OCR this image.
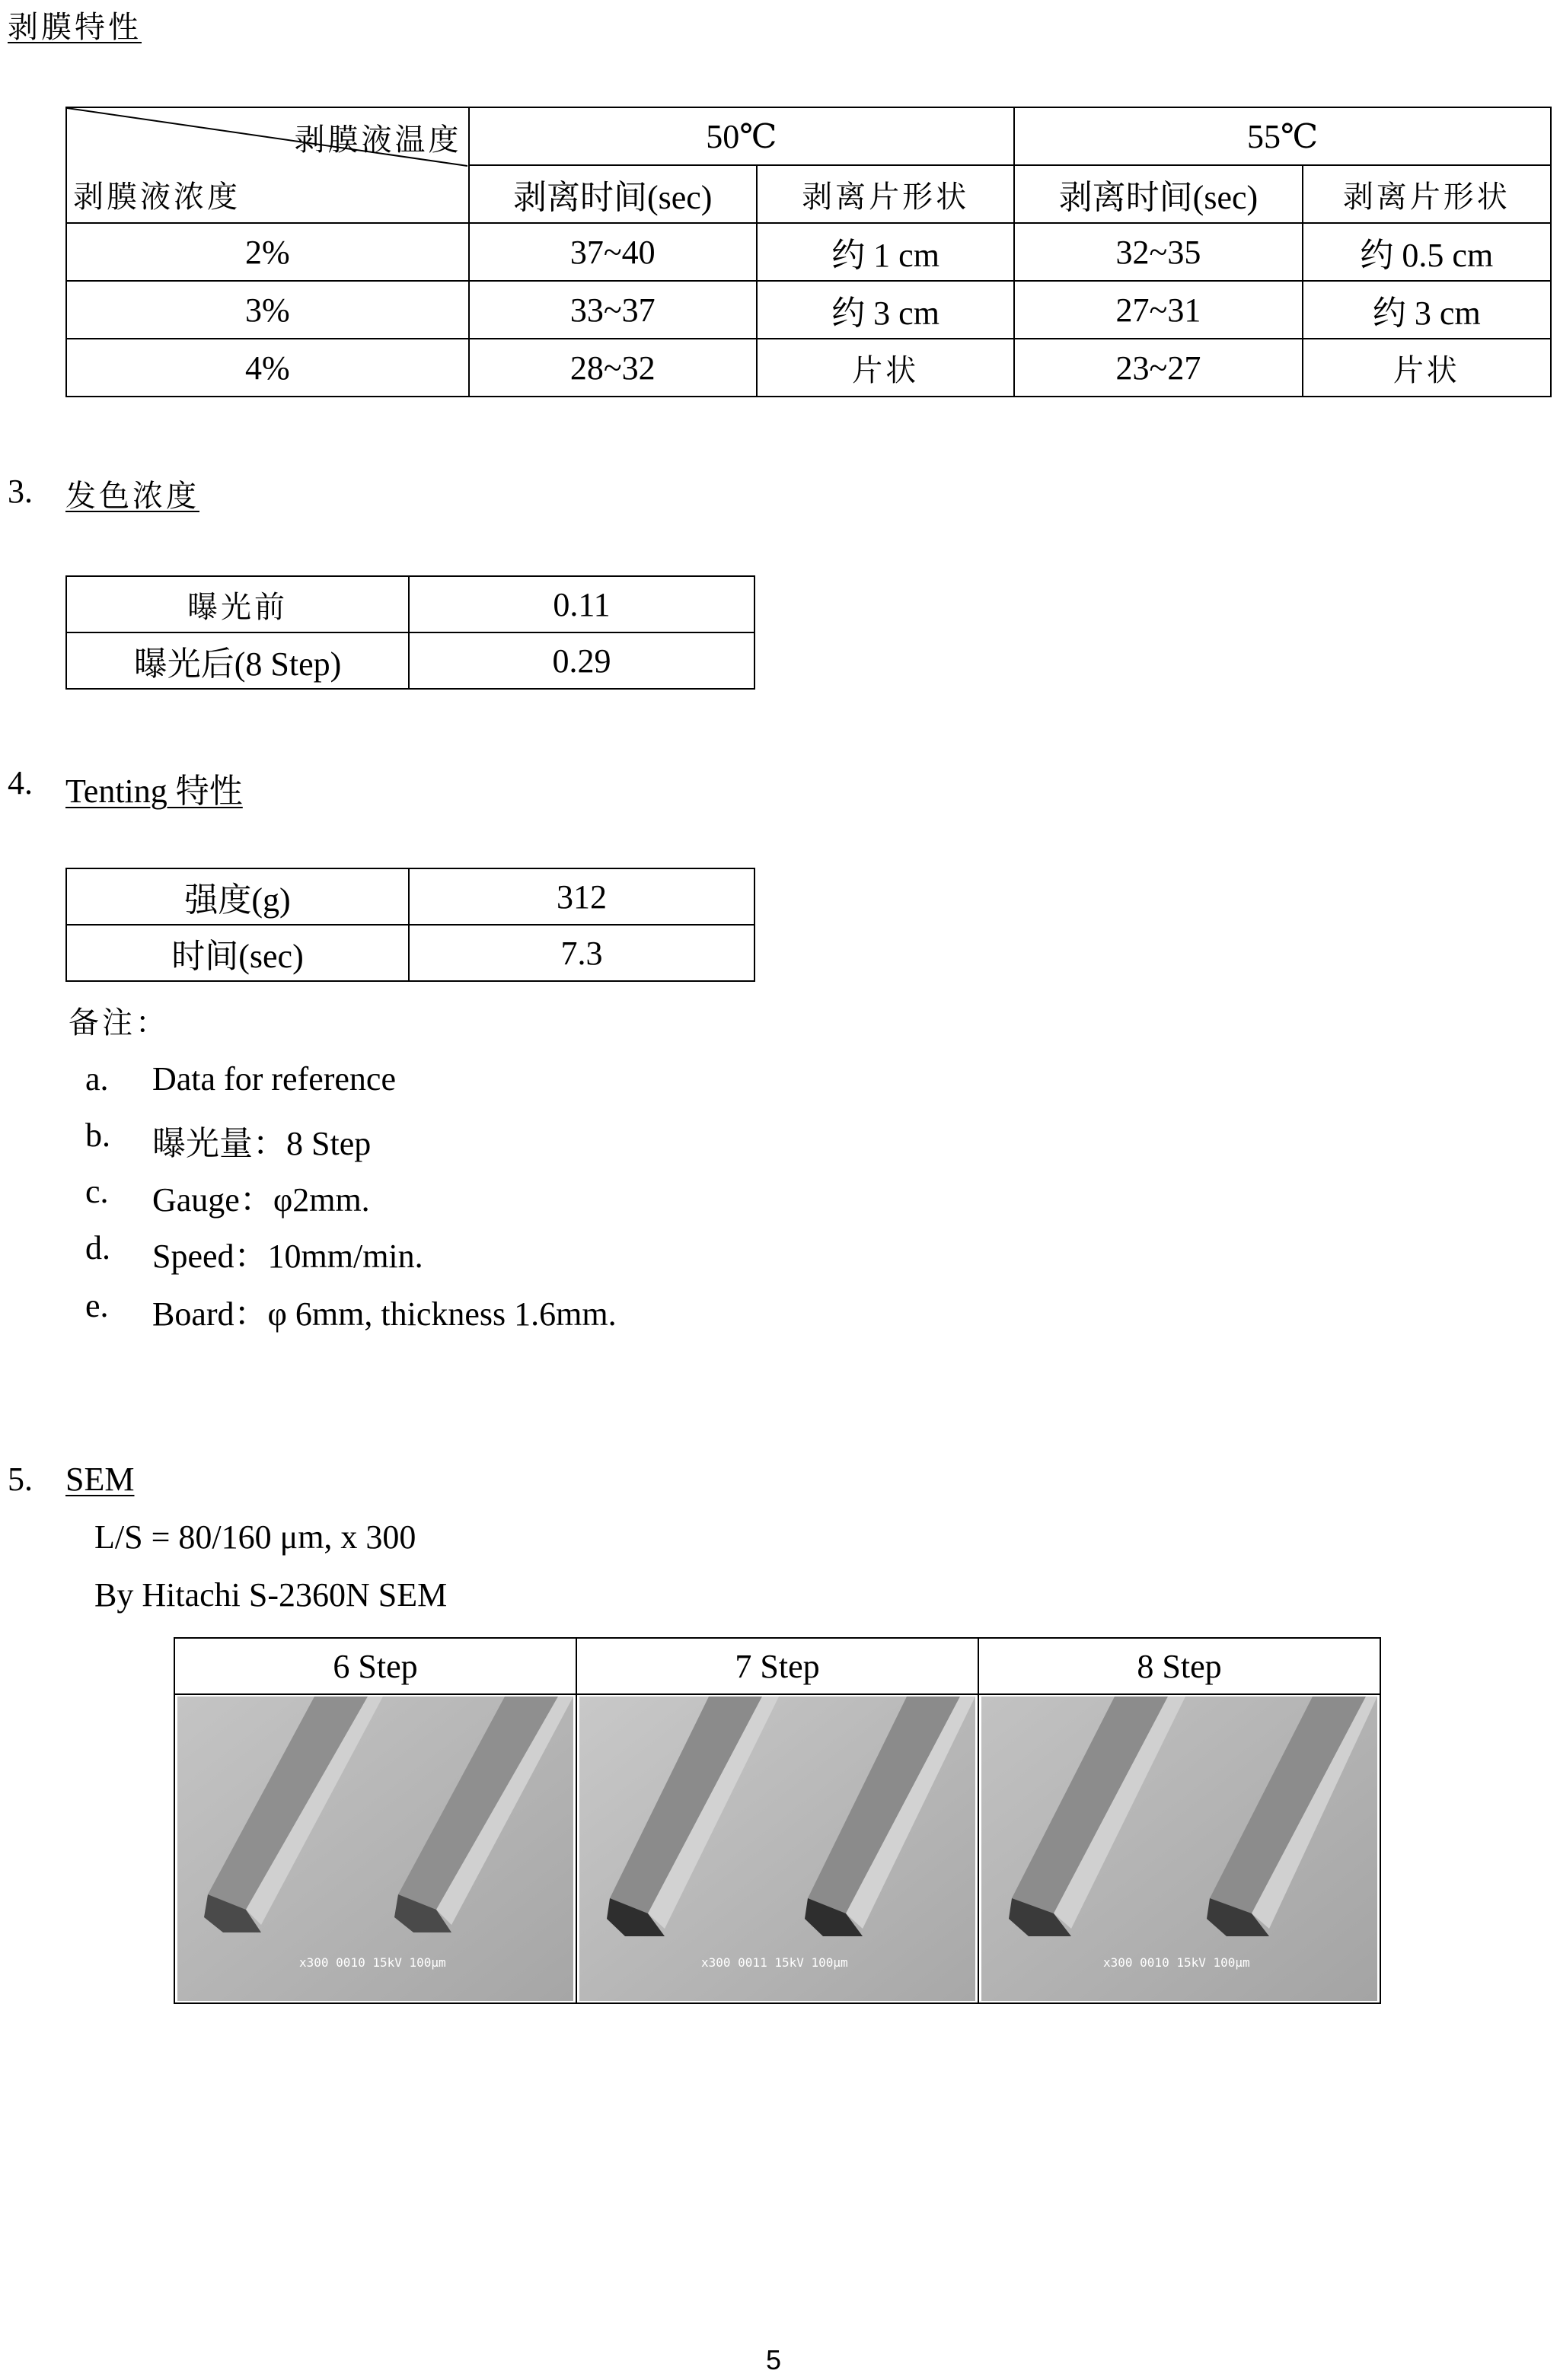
剥膜特性
剥膜液温度
剥膜液浓度	50℃		55℃	
	剥离时间(sec)	剥离片形状	剥离时间(sec)	剥离片形状
2%	37~40	约 1 cm	32~35	约 0.5 cm
3%	33~37	约 3 cm	27~31	约 3 cm
4%	28~32	片状	23~27	片状
3. 发色浓度
曝光前	0.11
曝光后(8 Step)	0.29
4. Tenting 特性
强度(g)	312
时间(sec)	7.3
备注：
a. Data for reference
b. 曝光量：8 Step
c. Gauge：φ2mm.
d. Speed：10mm/min.
e. Board：φ 6mm, thickness 1.6mm.
5. SEM
L/S = 80/160 μm, x 300
By Hitachi S-2360N SEM
6 Step	7 Step	8 Step

x300 0010 15kV 100μm	x300 0011 15kV 100μm	x300 0010 15kV 100μm
5
